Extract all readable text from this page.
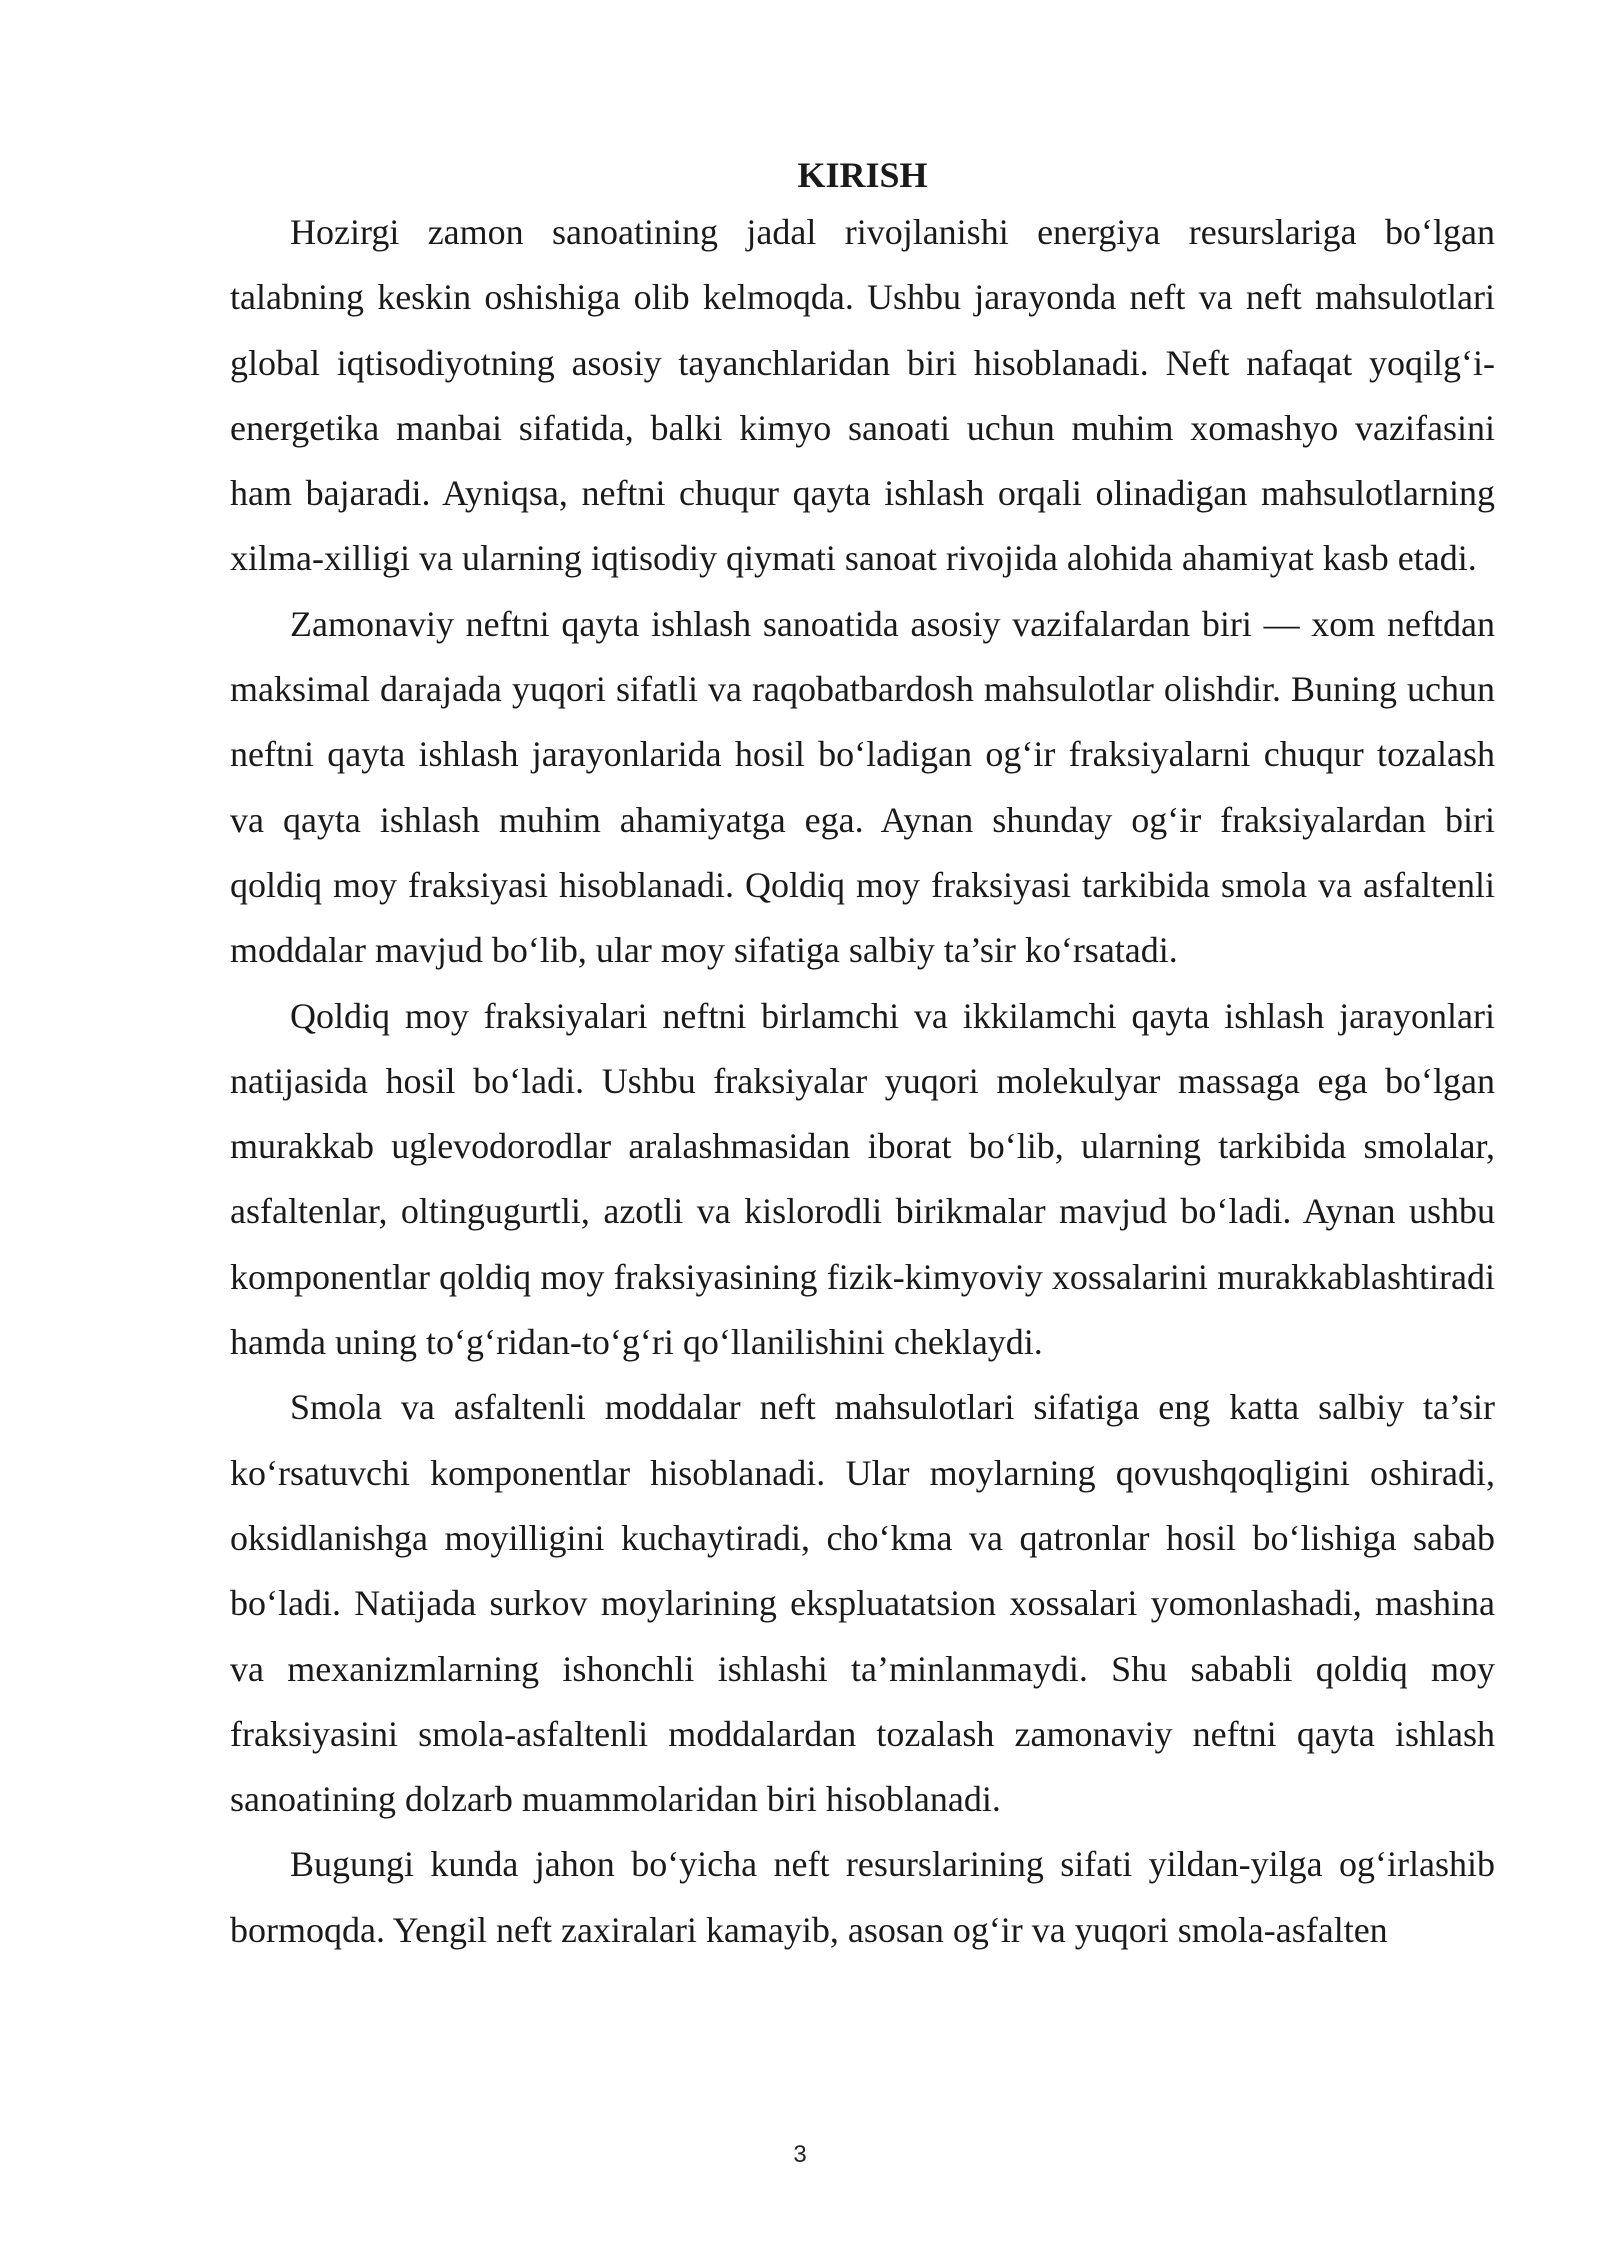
KIRISH

Hozirgi zamon sanoatining jadal rivojlanishi energiya resurslariga bo‘lgan talabning keskin oshishiga olib kelmoqda. Ushbu jarayonda neft va neft mahsulotlari global iqtisodiyotning asosiy tayanchlaridan biri hisoblanadi. Neft nafaqat yoqilg‘i-energetika manbai sifatida, balki kimyo sanoati uchun muhim xomashyo vazifasini ham bajaradi. Ayniqsa, neftni chuqur qayta ishlash orqali olinadigan mahsulotlarning xilma-xilligi va ularning iqtisodiy qiymati sanoat rivojida alohida ahamiyat kasb etadi.

Zamonaviy neftni qayta ishlash sanoatida asosiy vazifalardan biri — xom neftdan maksimal darajada yuqori sifatli va raqobatbardosh mahsulotlar olishdir. Buning uchun neftni qayta ishlash jarayonlarida hosil bo‘ladigan og‘ir fraksiyalarni chuqur tozalash va qayta ishlash muhim ahamiyatga ega. Aynan shunday og‘ir fraksiyalardan biri qoldiq moy fraksiyasi hisoblanadi. Qoldiq moy fraksiyasi tarkibida smola va asfaltenli moddalar mavjud bo‘lib, ular moy sifatiga salbiy ta’sir ko‘rsatadi.

Qoldiq moy fraksiyalari neftni birlamchi va ikkilamchi qayta ishlash jarayonlari natijasida hosil bo‘ladi. Ushbu fraksiyalar yuqori molekulyar massaga ega bo‘lgan murakkab uglevodorodlar aralashmasidan iborat bo‘lib, ularning tarkibida smolalar, asfaltenlar, oltingugurtli, azotli va kislorodli birikmalar mavjud bo‘ladi. Aynan ushbu komponentlar qoldiq moy fraksiyasining fizik-kimyoviy xossalarini murakkablashtiradi hamda uning to‘g‘ridan-to‘g‘ri qo‘llanilishini cheklaydi.

Smola va asfaltenli moddalar neft mahsulotlari sifatiga eng katta salbiy ta’sir ko‘rsatuvchi komponentlar hisoblanadi. Ular moylarning qovushqoqligini oshiradi, oksidlanishga moyilligini kuchaytiradi, cho‘kma va qatronlar hosil bo‘lishiga sabab bo‘ladi. Natijada surkov moylarining ekspluatatsion xossalari yomonlashadi, mashina va mexanizmlarning ishonchli ishlashi ta’minlanmaydi. Shu sababli qoldiq moy fraksiyasini smola-asfaltenli moddalardan tozalash zamonaviy neftni qayta ishlash sanoatining dolzarb muammolaridan biri hisoblanadi.

Bugungi kunda jahon bo‘yicha neft resurslarining sifati yildan-yilga og‘irlashib bormoqda. Yengil neft zaxiralari kamayib, asosan og‘ir va yuqori smola-asfalten

3
